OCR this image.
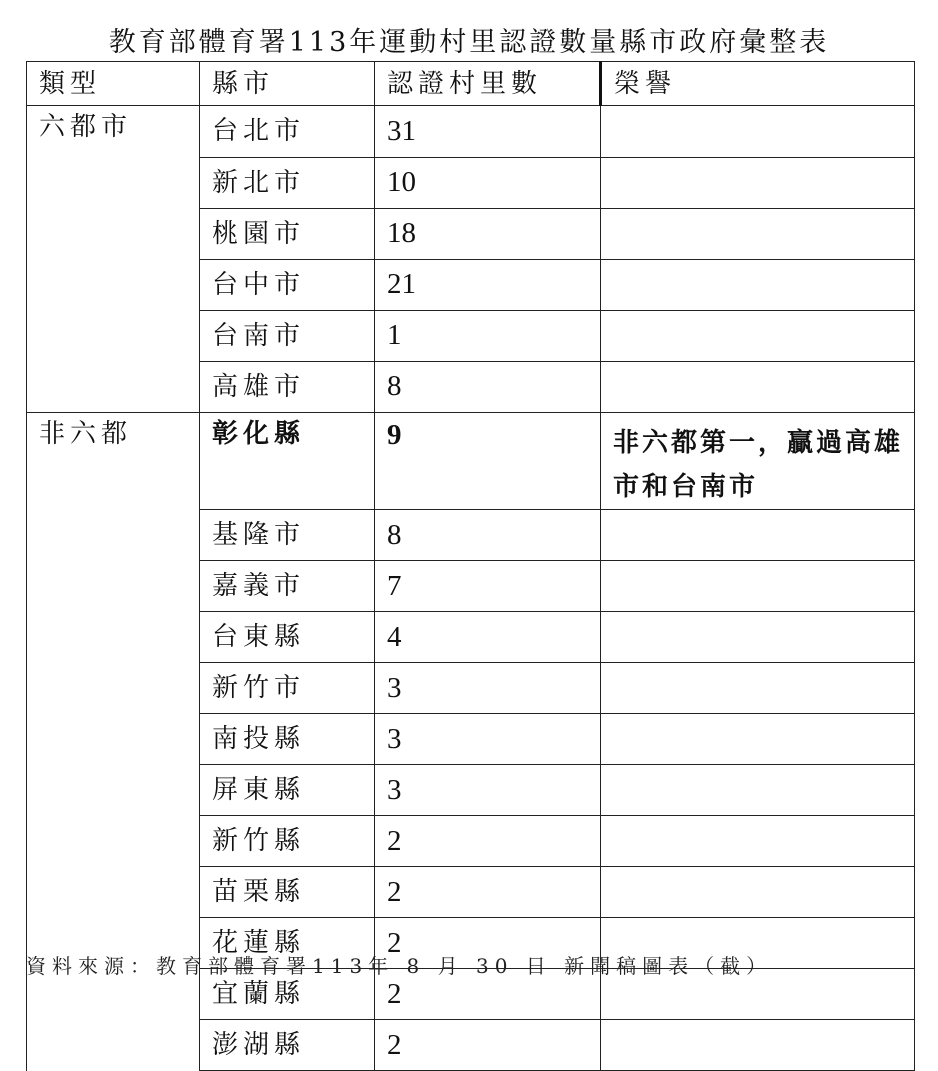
教育部體育署113年運動村里認證數量縣市政府彙整表
類型	縣市	認證村里數	榮譽
六都市	台北市	31	
	新北市	10	
	桃園市	18	
	台中市	21	
	台南市	1	
	高雄市	8	
非六都	彰化縣	9	非六都第一，贏過高雄市和台南市
	基隆市	8	
	嘉義市	7	
	台東縣	4	
	新竹市	3	
	南投縣	3	
	屏東縣	3	
	新竹縣	2	
	苗栗縣	2	
	花蓮縣	2	
	宜蘭縣	2	
	澎湖縣	2	
資料來源：教育部體育署113年 8 月 30 日 新聞稿圖表（截）
